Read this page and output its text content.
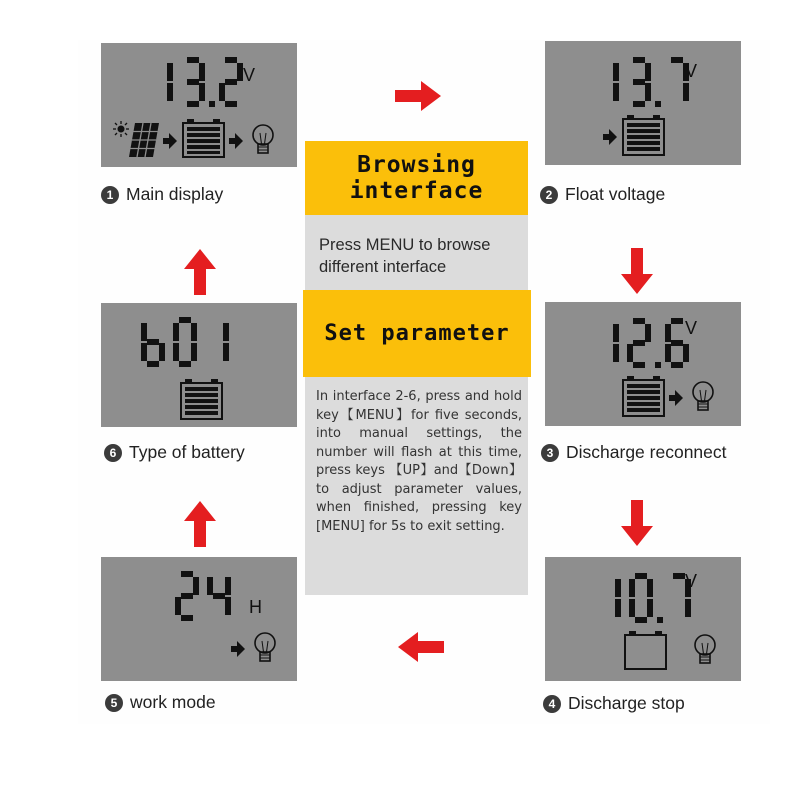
V	V
V
V
H
1 Main display	2 Float voltage
6 Type of battery	3 Discharge reconnect
5 work mode	4 Discharge stop
Browsing
interface
Press MENU to browse different interface
Set parameter
In interface 2-6, press and hold key【MENU】for five seconds, into manual settings, the number will flash at this time, press keys 【UP】and【Down】to adjust parameter values, when finished, pressing key [MENU] for 5s to exit setting.
